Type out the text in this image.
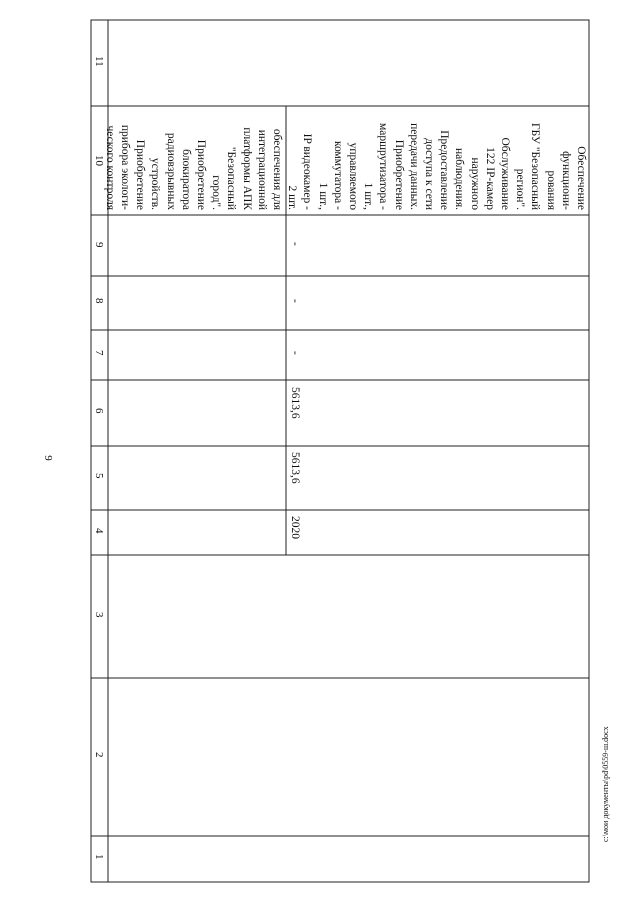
9
1
2
3
4
5
6
7
8
9
10
11
обеспечения для
интеграционной
платформы АПК
"Безопасный
город".
Приобретение
блокиратора
радиовзрывных
устройств.
Приобретение
прибора экологи-
ческого контроля
2020
5613,6
5613,6
-
-
-
Обеспечение
функциони-
рования
ГБУ "Безопасный
регион".
Обслуживание
122 IP-камер
наружного
наблюдения.
Предоставление
доступа к сети
передачи данных.
Приобретение
маршрутизатора -
1 шт.,
управляемого
коммутатора -
1 шт.,
IP видеокамер -
2 шт.
с:\мои документы\pd\0559-ш.docx
